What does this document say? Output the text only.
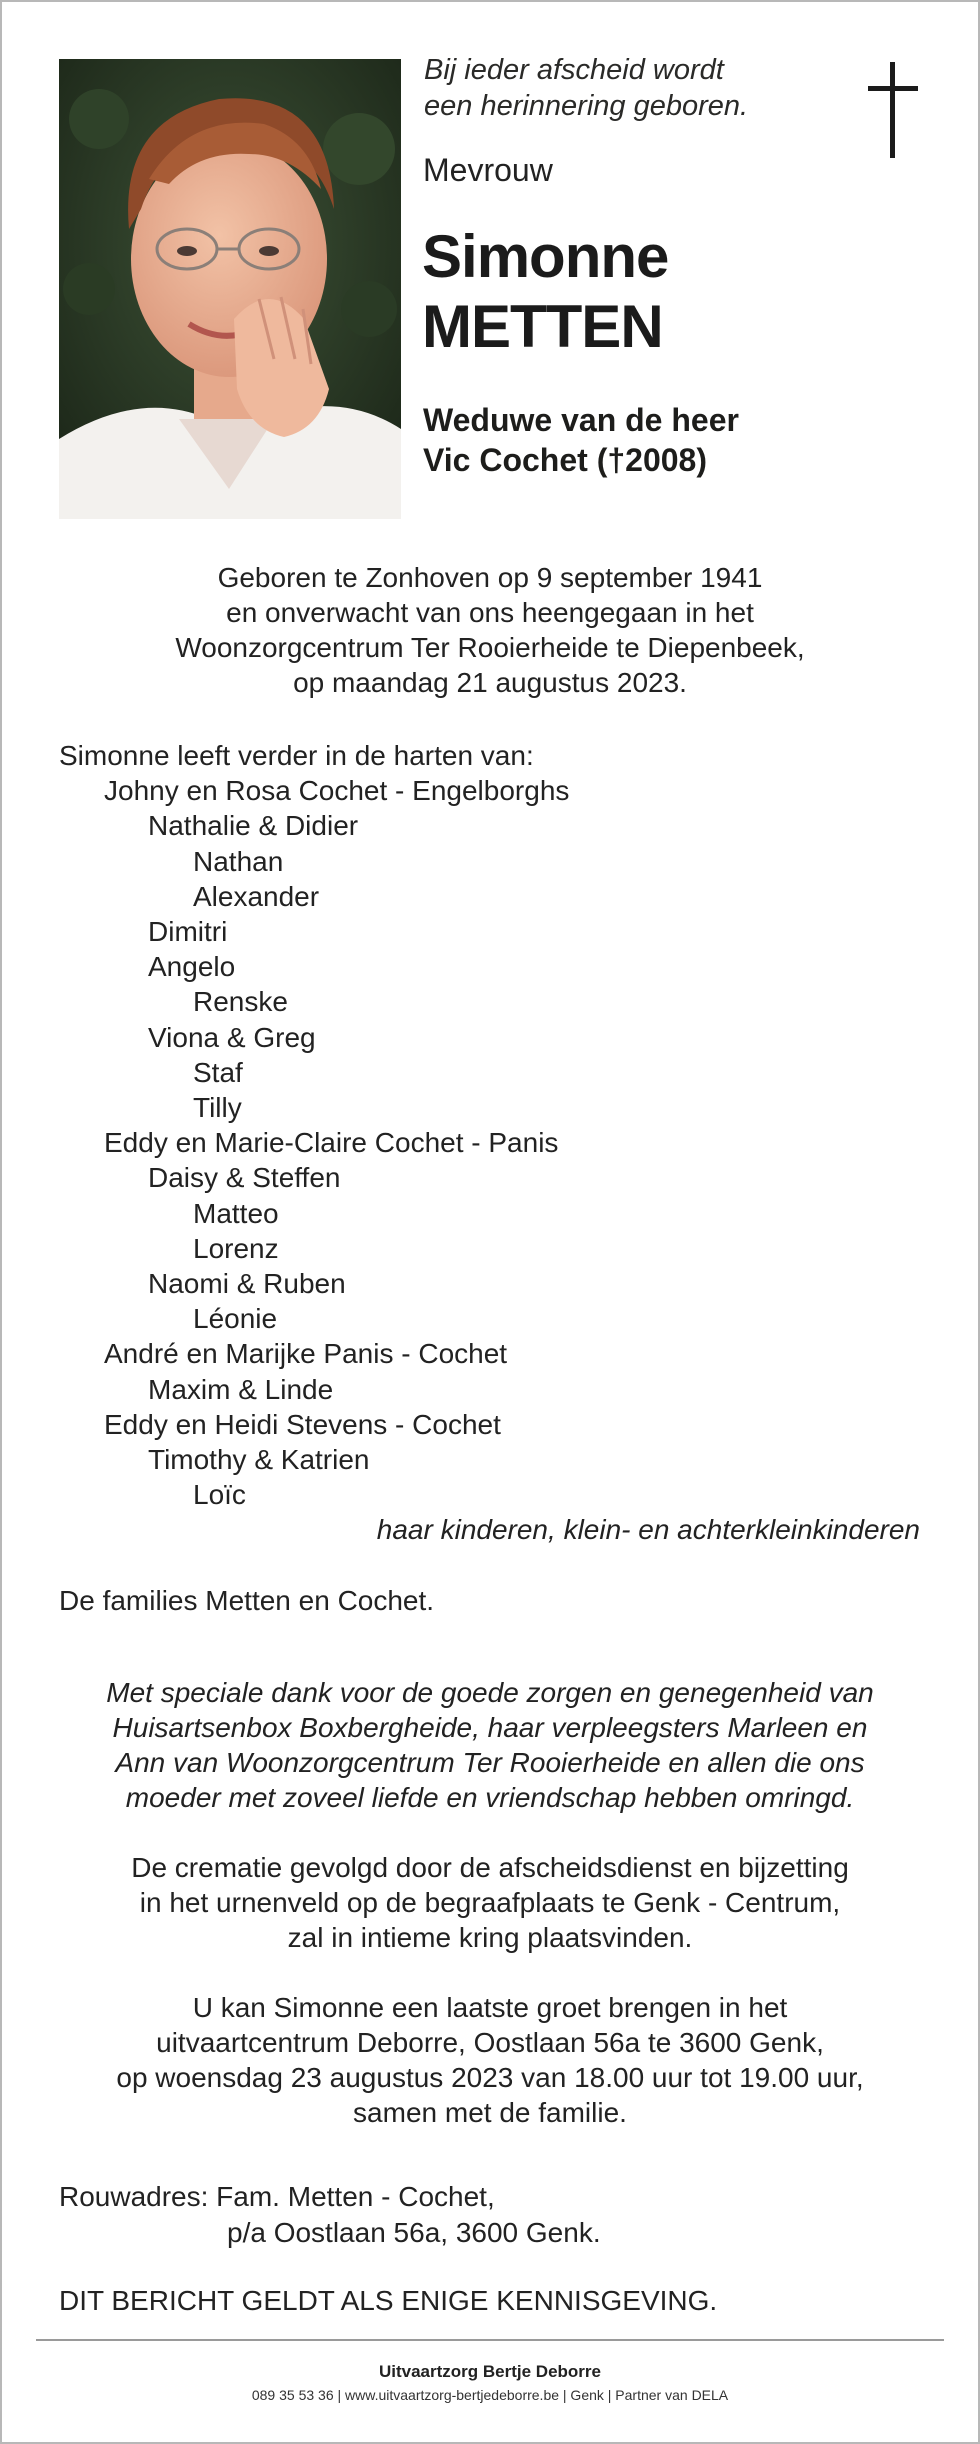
Bij ieder afscheid wordt
een herinnering geboren.
Mevrouw
Simonne
METTEN
Weduwe van de heer
Vic Cochet (†2008)
Geboren te Zonhoven op 9 september 1941
en onverwacht van ons heengegaan in het
Woonzorgcentrum Ter Rooierheide te Diepenbeek,
op maandag 21 augustus 2023.
Simonne leeft verder in de harten van:
Johny en Rosa Cochet - Engelborghs
Nathalie & Didier
Nathan
Alexander
Dimitri
Angelo
Renske
Viona & Greg
Staf
Tilly
Eddy en Marie-Claire Cochet - Panis
Daisy & Steffen
Matteo
Lorenz
Naomi & Ruben
Léonie
André en Marijke Panis - Cochet
Maxim & Linde
Eddy en Heidi Stevens - Cochet
Timothy & Katrien
Loïc
haar kinderen, klein- en achterkleinkinderen
De families Metten en Cochet.
Met speciale dank voor de goede zorgen en genegenheid van
Huisartsenbox Boxbergheide, haar verpleegsters Marleen en
Ann van Woonzorgcentrum Ter Rooierheide en allen die ons
moeder met zoveel liefde en vriendschap hebben omringd.
De crematie gevolgd door de afscheidsdienst en bijzetting
in het urnenveld op de begraafplaats te Genk - Centrum,
zal in intieme kring plaatsvinden.
U kan Simonne een laatste groet brengen in het
uitvaartcentrum Deborre, Oostlaan 56a te 3600 Genk,
op woensdag 23 augustus 2023 van 18.00 uur tot 19.00 uur,
samen met de familie.
Rouwadres: Fam. Metten - Cochet,
p/a Oostlaan 56a, 3600 Genk.
DIT BERICHT GELDT ALS ENIGE KENNISGEVING.
Uitvaartzorg Bertje Deborre
089 35 53 36 | www.uitvaartzorg-bertjedeborre.be | Genk | Partner van DELA
